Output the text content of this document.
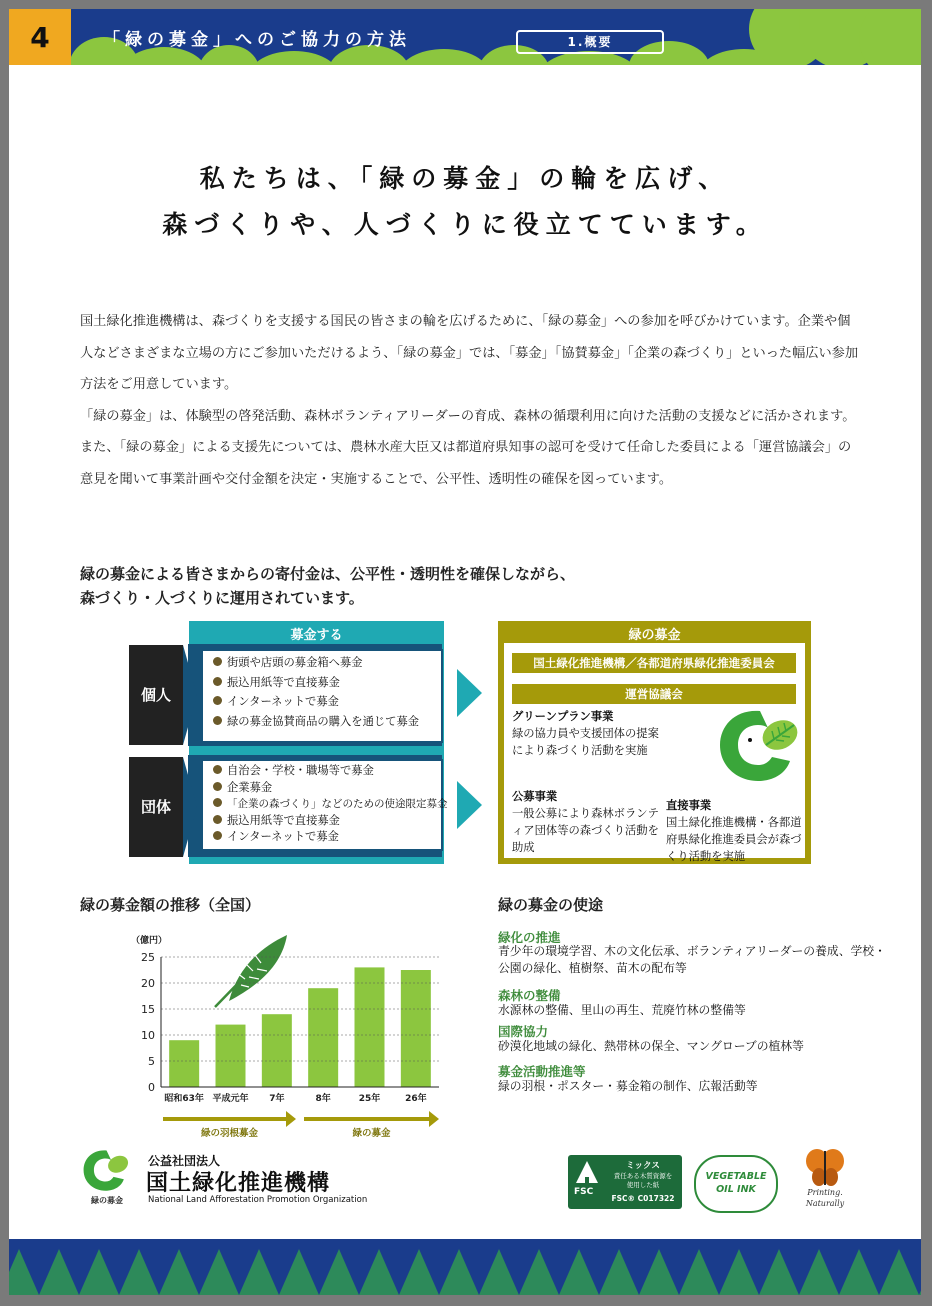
4	「緑の募金」へのご協力の方法	1.概要
私たちは、「緑の募金」の輪を広げ、
森づくりや、人づくりに役立てています。

国土緑化推進機構は、森づくりを支援する国民の皆さまの輪を広げるために、「緑の募金」への参加を呼びかけています。企業や個人などさまざまな立場の方にご参加いただけるよう、「緑の募金」では、「募金」「協賛募金」「企業の森づくり」といった幅広い参加方法をご用意しています。

「緑の募金」は、体験型の啓発活動、森林ボランティアリーダーの育成、森林の循環利用に向けた活動の支援などに活かされます。また、「緑の募金」による支援先については、農林水産大臣又は都道府県知事の認可を受けて任命した委員による「運営協議会」の意見を聞いて事業計画や交付金額を決定・実施することで、公平性、透明性の確保を図っています。

緑の募金による皆さまからの寄付金は、公平性・透明性を確保しながら、
森づくり・人づくりに運用されています。
募金する
個人
団体
街頭や店頭の募金箱へ募金
振込用紙等で直接募金
インターネットで募金
緑の募金協賛商品の購入を通じて募金
自治会・学校・職場等で募金
企業募金
「企業の森づくり」などのための使途限定募金
振込用紙等で直接募金
インターネットで募金
緑の募金
国土緑化推進機構／各都道府県緑化推進委員会
運営協議会
グリーンプラン事業
緑の協力員や支援団体の提案により森づくり活動を実施
公募事業
一般公募により森林ボランティア団体等の森づくり活動を助成
直接事業
国土緑化推進機構・各都道府県緑化推進委員会が森づくり活動を実施
緑の募金額の推移（全国）
（億円）
25
20
15
10
5
0
昭和63年 平成元年 7年	8年	25年	26年
緑の羽根募金	緑の募金
緑の募金の使途
緑化の推進
青少年の環境学習、木の文化伝承、ボランティアリーダーの養成、学校・公園の緑化、植樹祭、苗木の配布等
森林の整備
水源林の整備、里山の再生、荒廃竹林の整備等
国際協力
砂漠化地域の緑化、熱帯林の保全、マングローブの植林等
募金活動推進等
緑の羽根・ポスター・募金箱の制作、広報活動等
緑の募金
公益社団法人
国土緑化推進機構
National Land Afforestation Promotion Organization
FSC
ミックス
責任ある木質資源を
使用した紙
FSC® C017322
VEGETABLE
OIL INK	Printing. Naturally
